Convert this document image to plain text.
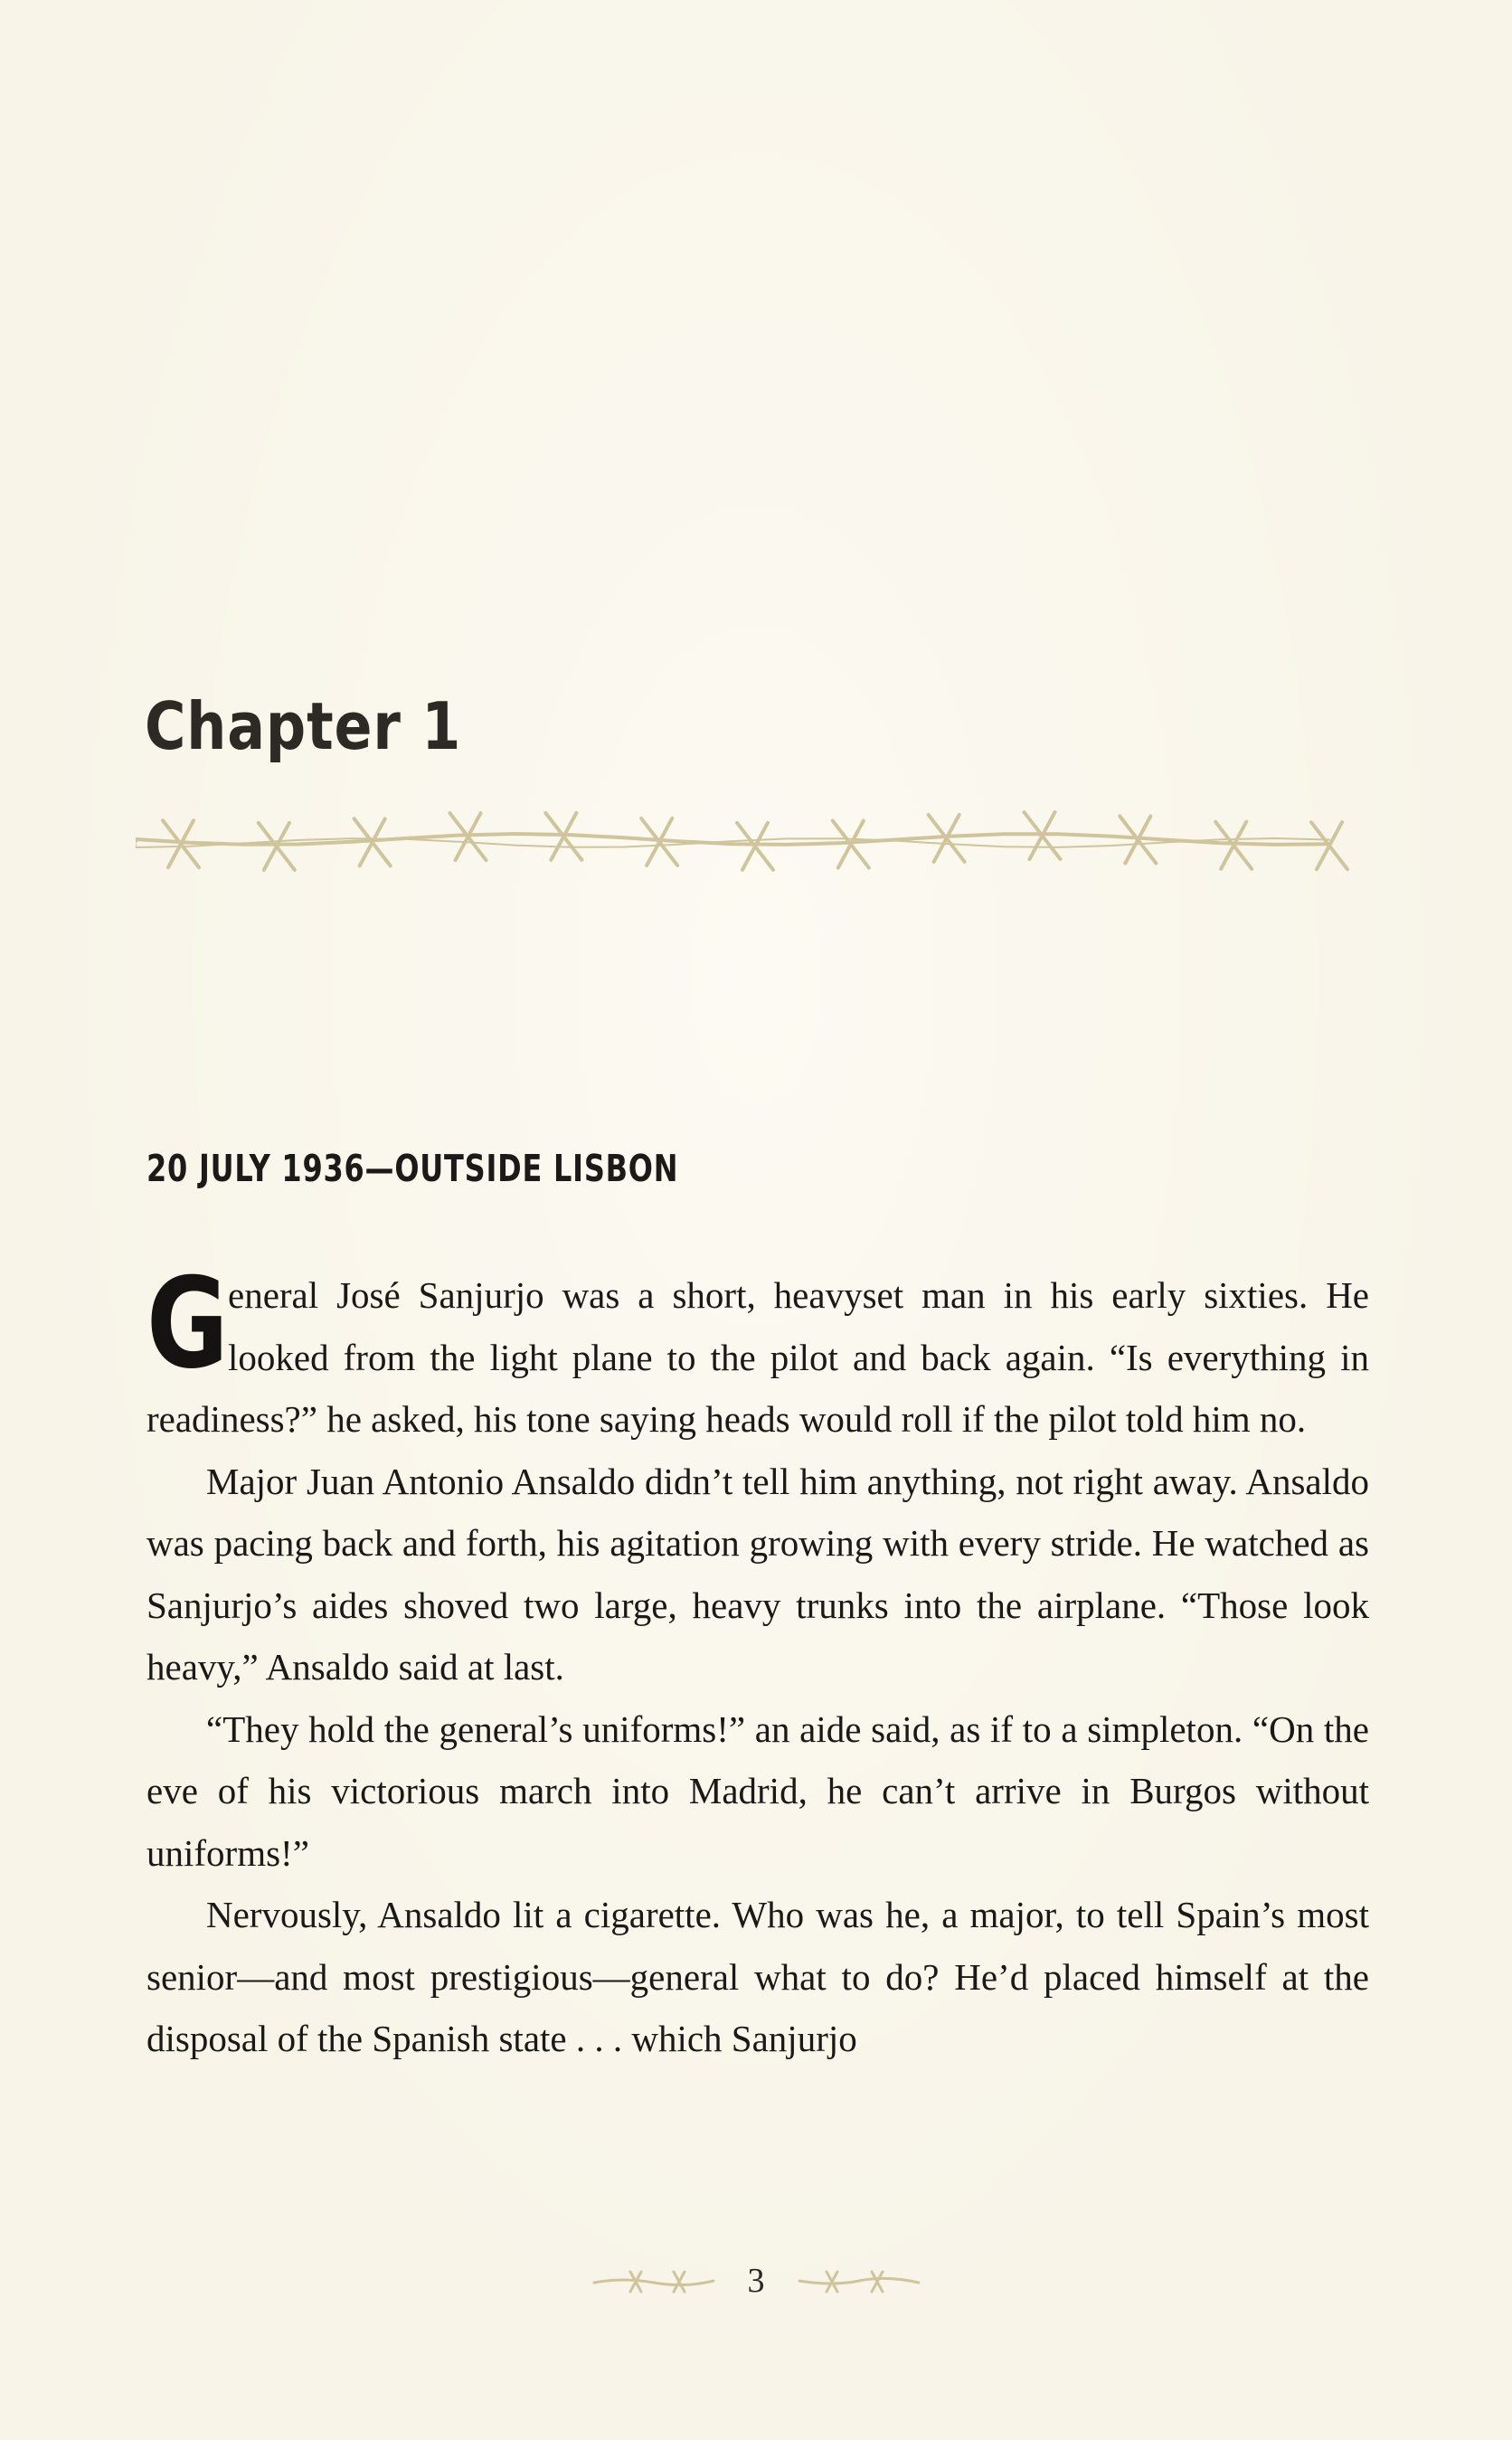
Chapter 1
20 JULY 1936—OUTSIDE LISBON

General José Sanjurjo was a short, heavyset man in his early sixties. He looked from the light plane to the pilot and back again. “Is everything in readiness?” he asked, his tone saying heads would roll if the pilot told him no.

Major Juan Antonio Ansaldo didn’t tell him anything, not right away. Ansaldo was pacing back and forth, his agitation growing with every stride. He watched as Sanjurjo’s aides shoved two large, heavy trunks into the airplane. “Those look heavy,” Ansaldo said at last.

“They hold the general’s uniforms!” an aide said, as if to a simpleton. “On the eve of his victorious march into Madrid, he can’t arrive in Burgos without uniforms!”

Nervously, Ansaldo lit a cigarette. Who was he, a major, to tell Spain’s most senior—and most prestigious—general what to do? He’d placed himself at the disposal of the Spanish state . . . which Sanjurjo

3
